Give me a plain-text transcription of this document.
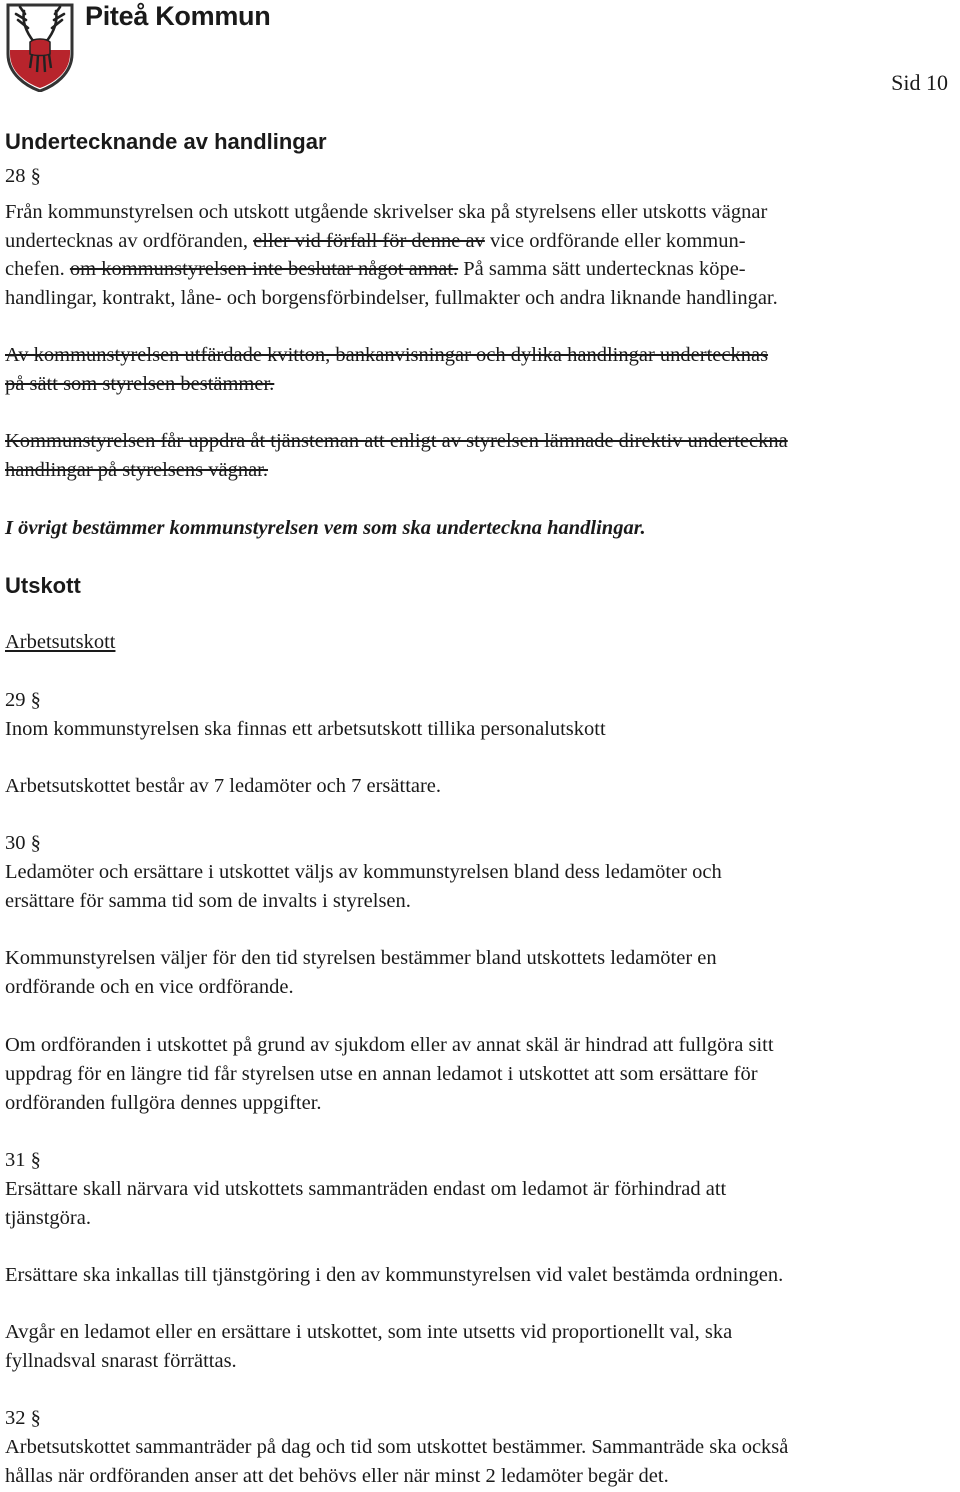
Piteå Kommun
Sid 10
Undertecknande av handlingar

28 §

Från kommunstyrelsen och utskott utgående skrivelser ska på styrelsens eller utskotts vägnar

undertecknas av ordföranden, eller vid förfall för denne av vice ordförande eller kommun-

chefen. om kommunstyrelsen inte beslutar något annat. På samma sätt undertecknas köpe-

handlingar, kontrakt, låne- och borgensförbindelser, fullmakter och andra liknande handlingar.

Av kommunstyrelsen utfärdade kvitton, bankanvisningar och dylika handlingar undertecknas

på sätt som styrelsen bestämmer.

Kommunstyrelsen får uppdra åt tjänsteman att enligt av styrelsen lämnade direktiv underteckna

handlingar på styrelsens vägnar.

I övrigt bestämmer kommunstyrelsen vem som ska underteckna handlingar.

Utskott

Arbetsutskott

29 §

Inom kommunstyrelsen ska finnas ett arbetsutskott tillika personalutskott

Arbetsutskottet består av 7 ledamöter och 7 ersättare.

30 §

Ledamöter och ersättare i utskottet väljs av kommunstyrelsen bland dess ledamöter och

ersättare för samma tid som de invalts i styrelsen.

Kommunstyrelsen väljer för den tid styrelsen bestämmer bland utskottets ledamöter en

ordförande och en vice ordförande.

Om ordföranden i utskottet på grund av sjukdom eller av annat skäl är hindrad att fullgöra sitt

uppdrag för en längre tid får styrelsen utse en annan ledamot i utskottet att som ersättare för

ordföranden fullgöra dennes uppgifter.

31 §

Ersättare skall närvara vid utskottets sammanträden endast om ledamot är förhindrad att

tjänstgöra.

Ersättare ska inkallas till tjänstgöring i den av kommunstyrelsen vid valet bestämda ordningen.

Avgår en ledamot eller en ersättare i utskottet, som inte utsetts vid proportionellt val, ska

fyllnadsval snarast förrättas.

32 §

Arbetsutskottet sammanträder på dag och tid som utskottet bestämmer. Sammanträde ska också

hållas när ordföranden anser att det behövs eller när minst 2 ledamöter begär det.
